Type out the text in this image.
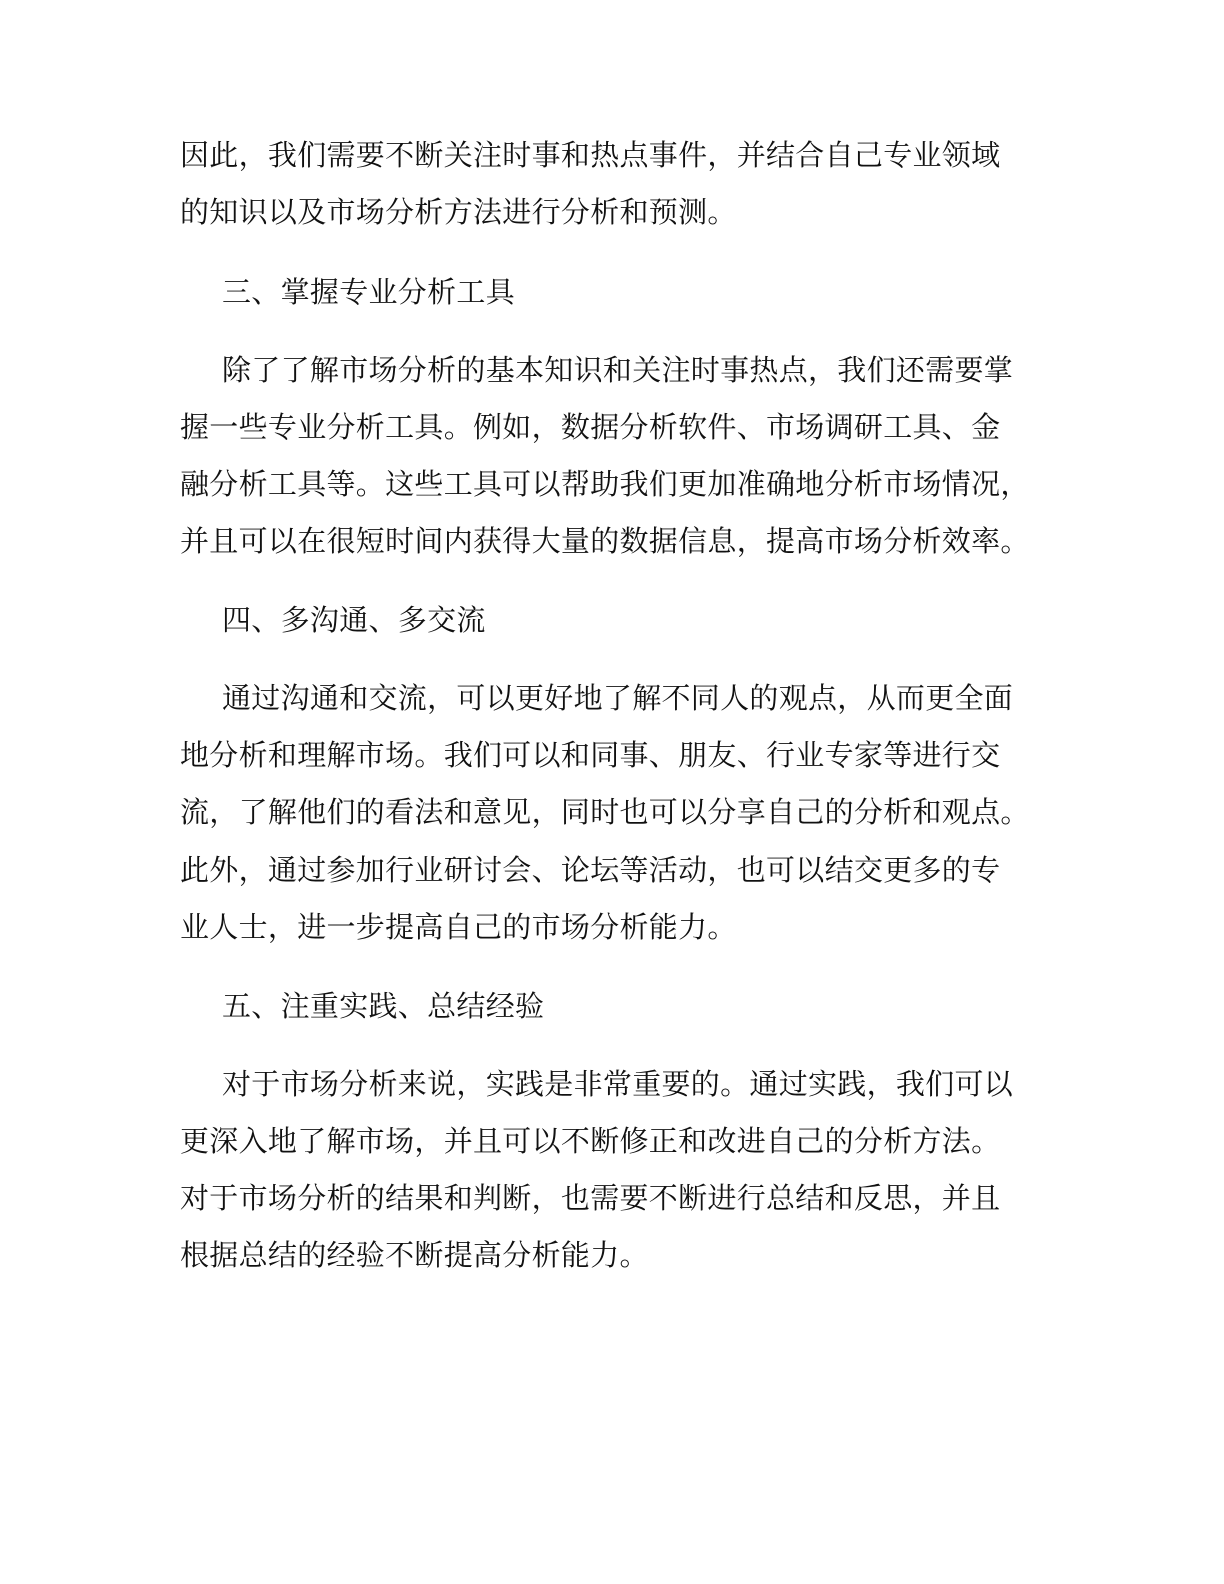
因此，我们需要不断关注时事和热点事件，并结合自己专业领域
的知识以及市场分析方法进行分析和预测。
三、掌握专业分析工具
除了了解市场分析的基本知识和关注时事热点，我们还需要掌
握一些专业分析工具。例如，数据分析软件、市场调研工具、金
融分析工具等。这些工具可以帮助我们更加准确地分析市场情况，
并且可以在很短时间内获得大量的数据信息，提高市场分析效率。
四、多沟通、多交流
通过沟通和交流，可以更好地了解不同人的观点，从而更全面
地分析和理解市场。我们可以和同事、朋友、行业专家等进行交
流，了解他们的看法和意见，同时也可以分享自己的分析和观点。
此外，通过参加行业研讨会、论坛等活动，也可以结交更多的专
业人士，进一步提高自己的市场分析能力。
五、注重实践、总结经验
对于市场分析来说，实践是非常重要的。通过实践，我们可以
更深入地了解市场，并且可以不断修正和改进自己的分析方法。
对于市场分析的结果和判断，也需要不断进行总结和反思，并且
根据总结的经验不断提高分析能力。
